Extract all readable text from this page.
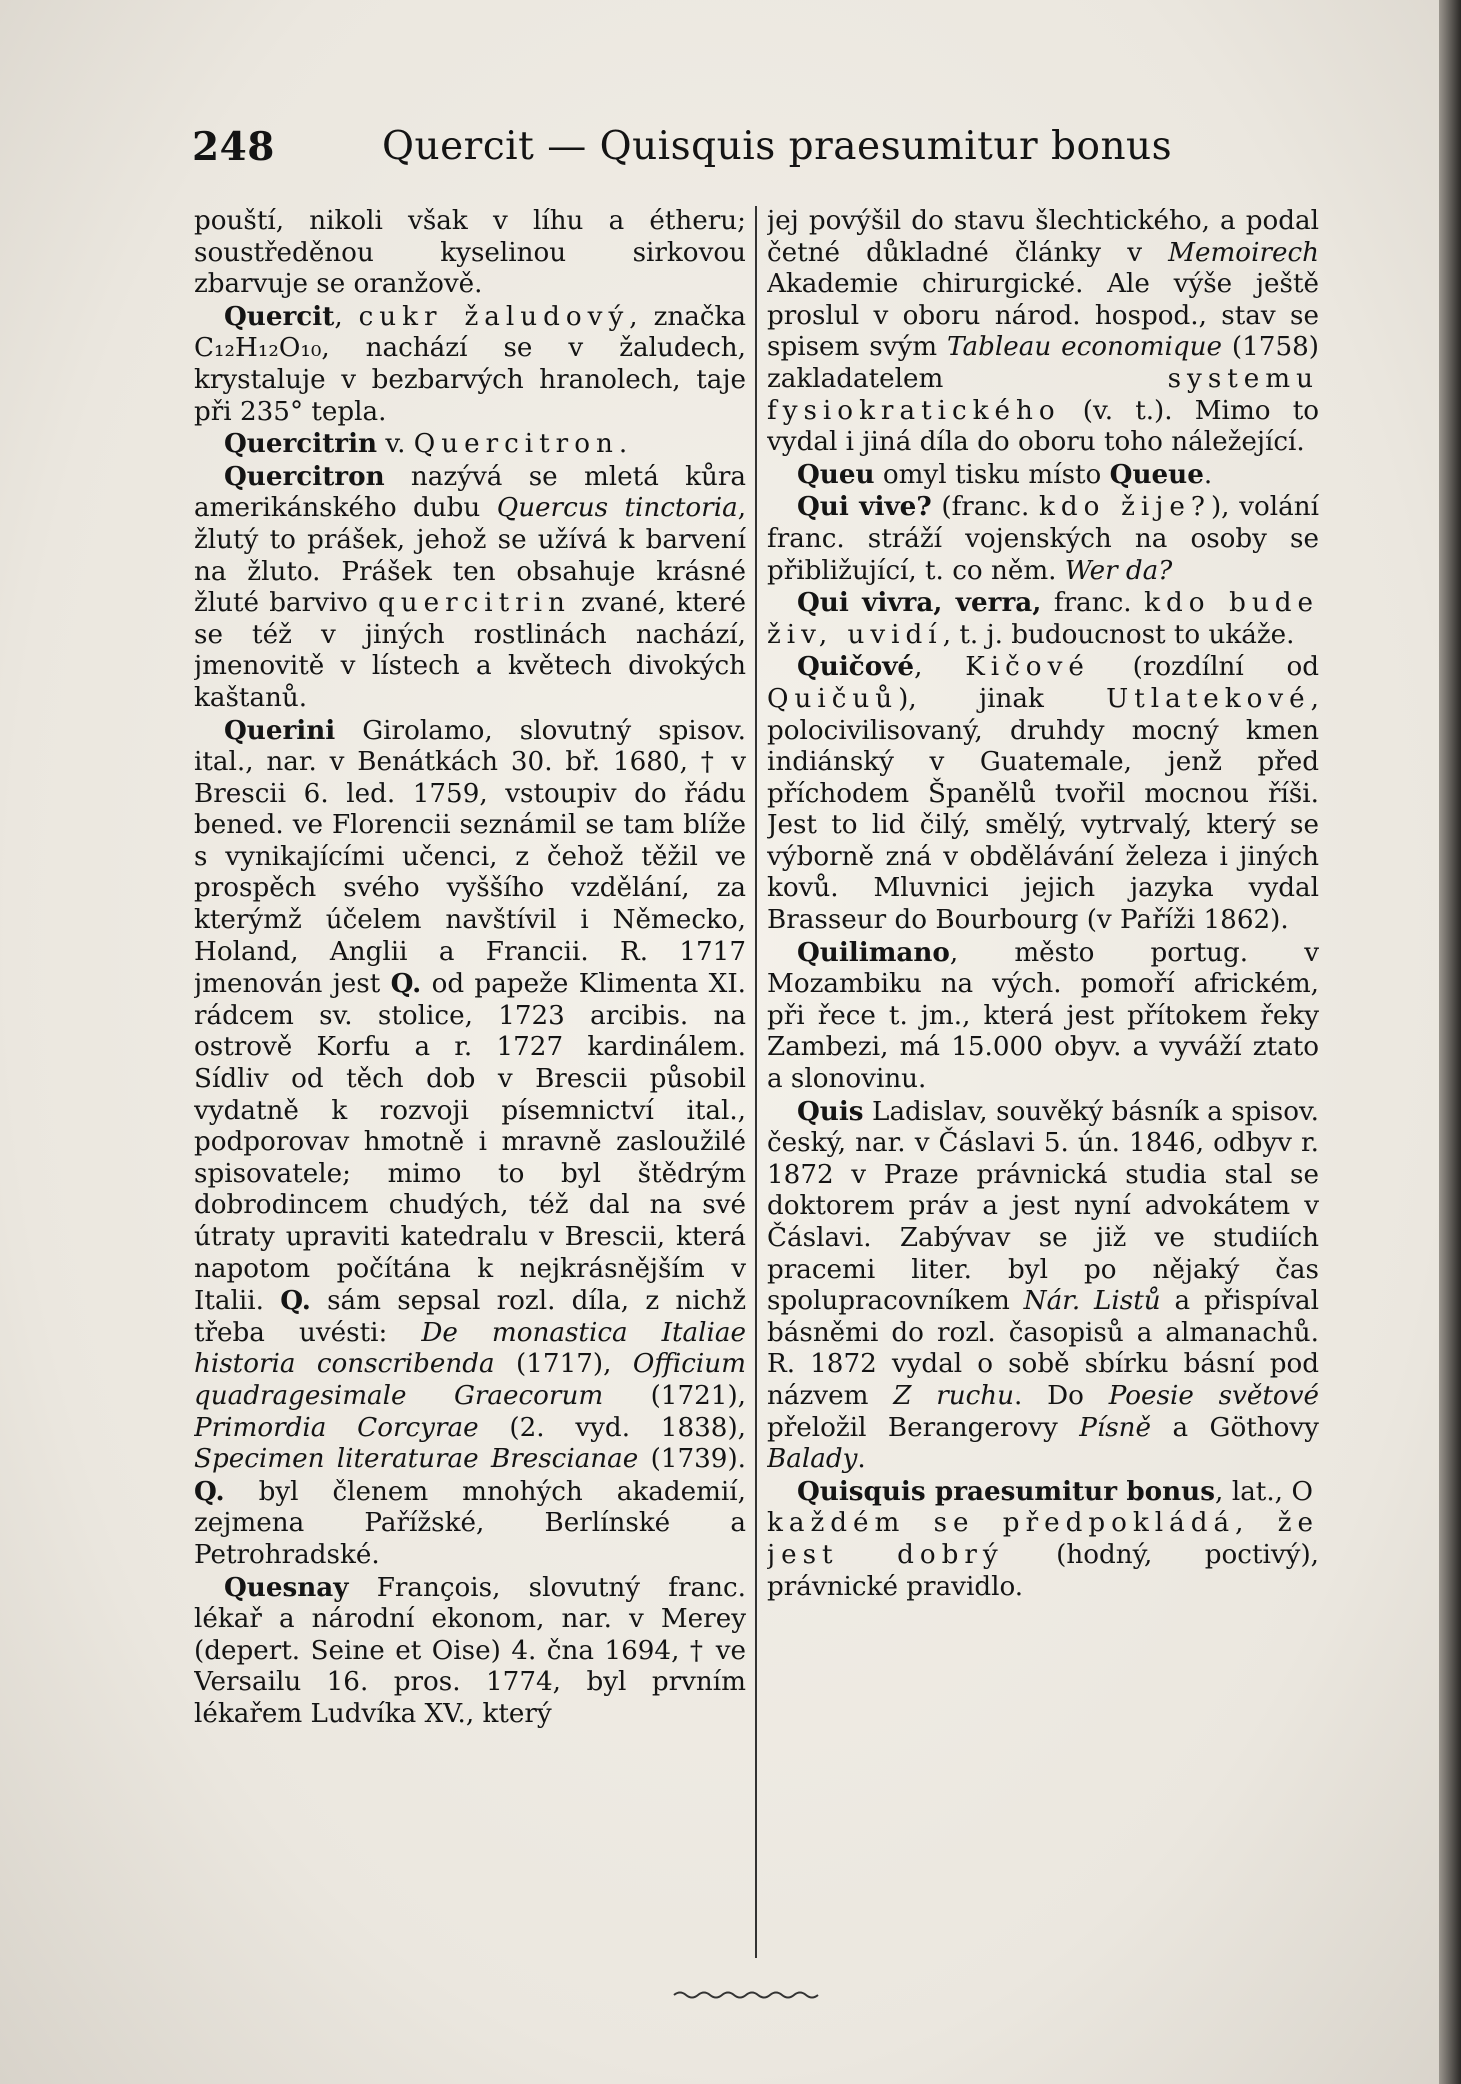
248	Quercit — Quisquis praesumitur bonus

pouští, nikoli však v líhu a étheru; soustředěnou kyselinou sirkovou zbarvuje se oranžově.

Quercit, cukr žaludový, značka C₁₂H₁₂O₁₀, nachází se v žaludech, krystaluje v bezbarvých hranolech, taje při 235° tepla.

Quercitrin v. Quercitron.

Quercitron nazývá se mletá kůra amerikánského dubu Quercus tinctoria, žlutý to prášek, jehož se užívá k barvení na žluto. Prášek ten obsahuje krásné žluté barvivo quercitrin zvané, které se též v jiných rostlinách nachází, jmenovitě v lístech a květech divokých kaštanů.

Querini Girolamo, slovutný spisov. ital., nar. v Benátkách 30. bř. 1680, † v Brescii 6. led. 1759, vstoupiv do řádu bened. ve Florencii seznámil se tam blíže s vynikajícími učenci, z čehož těžil ve prospěch svého vyššího vzdělání, za kterýmž účelem navštívil i Německo, Holand, Anglii a Francii. R. 1717 jmenován jest Q. od papeže Klimenta XI. rádcem sv. stolice, 1723 arcibis. na ostrově Korfu a r. 1727 kardinálem. Sídliv od těch dob v Brescii působil vydatně k rozvoji písemnictví ital., podporovav hmotně i mravně zasloužilé spisovatele; mimo to byl štědrým dobrodincem chudých, též dal na své útraty upraviti katedralu v Brescii, která napotom počítána k nejkrásnějším v Italii. Q. sám sepsal rozl. díla, z nichž třeba uvésti: De monastica Italiae historia conscribenda (1717), Officium quadragesimale Graecorum (1721), Primordia Corcyrae (2. vyd. 1838), Specimen literaturae Brescianae (1739). Q. byl členem mnohých akademií, zejmena Pařížské, Berlínské a Petrohradské.

Quesnay François, slovutný franc. lékař a národní ekonom, nar. v Merey (depert. Seine et Oise) 4. čna 1694, † ve Versailu 16. pros. 1774, byl prvním lékařem Ludvíka XV., který

jej povýšil do stavu šlechtického, a podal četné důkladné články v Memoirech Akademie chirurgické. Ale výše ještě proslul v oboru národ. hospod., stav se spisem svým Tableau economique (1758) zakladatelem systemu fysiokratického (v. t.). Mimo to vydal i jiná díla do oboru toho náležející.

Queu omyl tisku místo Queue.

Qui vive? (franc. kdo žije?), volání franc. stráží vojenských na osoby se přibližující, t. co něm. Wer da?

Qui vivra, verra, franc. kdo bude živ, uvidí, t. j. budoucnost to ukáže.

Quičové, Kičové (rozdílní od Quičuů), jinak Utlatekové, polocivilisovaný, druhdy mocný kmen indiánský v Guatemale, jenž před příchodem Španělů tvořil mocnou říši. Jest to lid čilý, smělý, vytrvalý, který se výborně zná v obdělávání železa i jiných kovů. Mluvnici jejich jazyka vydal Brasseur do Bourbourg (v Paříži 1862).

Quilimano, město portug. v Mozambiku na vých. pomoří africkém, při řece t. jm., která jest přítokem řeky Zambezi, má 15.000 obyv. a vyváží ztato a slonovinu.

Quis Ladislav, souvěký básník a spisov. český, nar. v Čáslavi 5. ún. 1846, odbyv r. 1872 v Praze právnická studia stal se doktorem práv a jest nyní advokátem v Čáslavi. Zabývav se již ve studiích pracemi liter. byl po nějaký čas spolupracovníkem Nár. Listů a přispíval básněmi do rozl. časopisů a almanachů. R. 1872 vydal o sobě sbírku básní pod názvem Z ruchu. Do Poesie světové přeložil Berangerovy Písně a Göthovy Balady.

Quisquis praesumitur bonus, lat., O každém se předpokládá, že jest dobrý (hodný, poctivý), právnické pravidlo.
